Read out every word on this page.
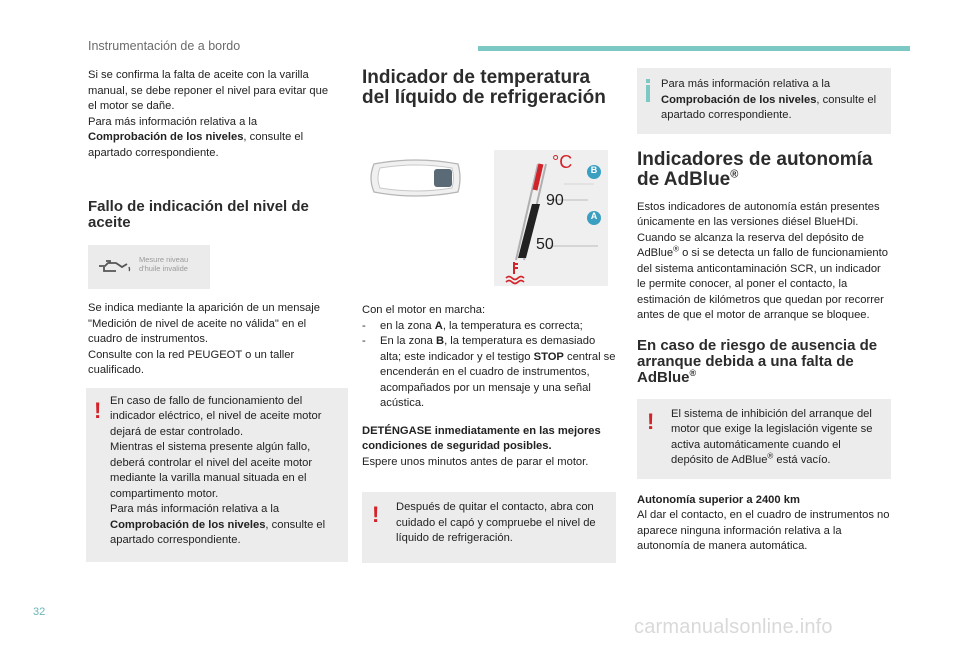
Instrumentación de a bordo

Si se confirma la falta de aceite con la varilla manual, se debe reponer el nivel para evitar que el motor se dañe.
Para más información relativa a la
Comprobación de los niveles, consulte el apartado correspondiente.

Fallo de indicación del nivel de aceite
Mesure niveau
d'huile invalide

Se indica mediante la aparición de un mensaje "Medición de nivel de aceite no válida" en el cuadro de instrumentos.
Consulte con la red PEUGEOT o un taller cualificado.

! En caso de fallo de funcionamiento del indicador eléctrico, el nivel de aceite motor dejará de estar controlado.
Mientras el sistema presente algún fallo, deberá controlar el nivel del aceite motor mediante la varilla manual situada en el compartimento motor.
Para más información relativa a la
Comprobación de los niveles, consulte el apartado correspondiente.

Indicador de temperatura del líquido de refrigeración
°C
90
50
B
A

Con el motor en marcha:

- en la zona A, la temperatura es correcta;

- En la zona B, la temperatura es demasiado alta; este indicador y el testigo STOP central se encenderán en el cuadro de instrumentos, acompañados por un mensaje y una señal acústica.

DETÉNGASE inmediatamente en las mejores condiciones de seguridad posibles.

Espere unos minutos antes de parar el motor.

! Después de quitar el contacto, abra con cuidado el capó y compruebe el nivel de líquido de refrigeración.

Para más información relativa a la Comprobación de los niveles, consulte el apartado correspondiente.

Indicadores de autonomía de AdBlue®

Estos indicadores de autonomía están presentes únicamente en las versiones diésel BlueHDi.

Cuando se alcanza la reserva del depósito de AdBlue® o si se detecta un fallo de funcionamiento del sistema anticontaminación SCR, un indicador le permite conocer, al poner el contacto, la estimación de kilómetros que quedan por recorrer antes de que el motor de arranque se bloquee.

En caso de riesgo de ausencia de arranque debida a una falta de AdBlue®
! El sistema de inhibición del arranque del motor que exige la legislación vigente se activa automáticamente cuando el depósito de AdBlue® está vacío.

Autonomía superior a 2400 km

Al dar el contacto, en el cuadro de instrumentos no aparece ninguna información relativa a la autonomía de manera automática.

32
carmanualsonline.info
